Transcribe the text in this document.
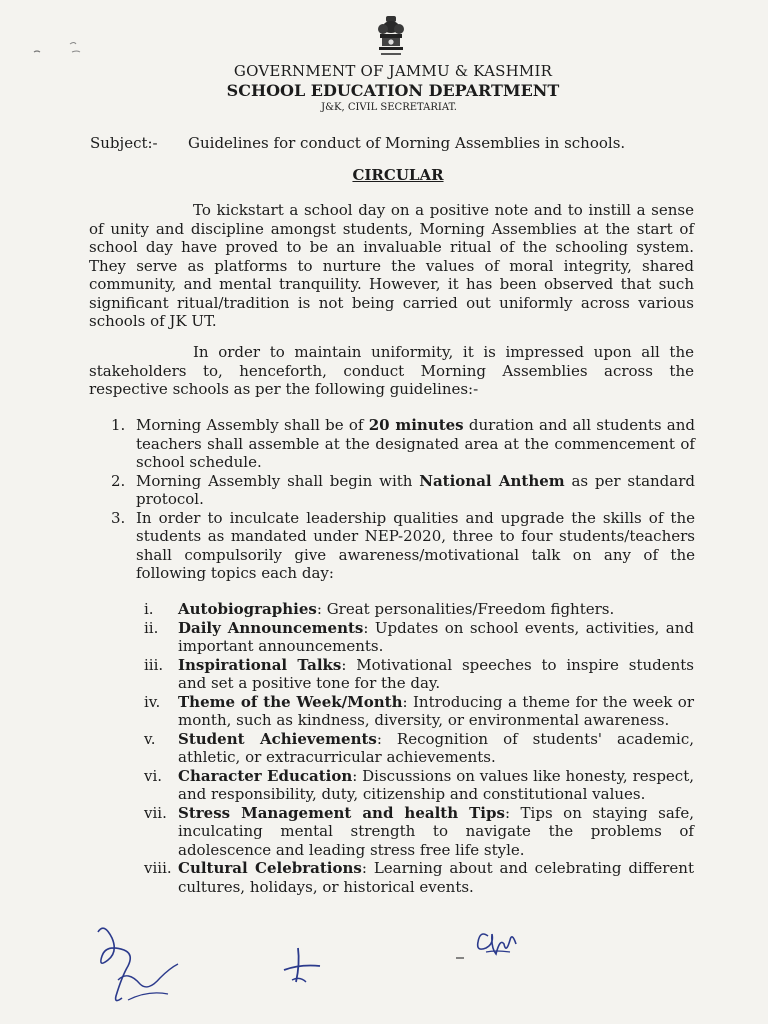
GOVERNMENT OF JAMMU & KASHMIR
SCHOOL EDUCATION DEPARTMENT
J&K, CIVIL SECRETARIAT.
Subject:- Guidelines for conduct of Morning Assemblies in schools.
CIRCULAR
To kickstart a school day on a positive note and to instill a sense of unity and discipline amongst students, Morning Assemblies at the start of school day have proved to be an invaluable ritual of the schooling system. They serve as platforms to nurture the values of moral integrity, shared community, and mental tranquility. However, it has been observed that such significant ritual/tradition is not being carried out uniformly across various schools of JK UT.
In order to maintain uniformity, it is impressed upon all the stakeholders to, henceforth, conduct Morning Assemblies across the respective schools as per the following guidelines:-
1. Morning Assembly shall be of 20 minutes duration and all students and teachers shall assemble at the designated area at the commencement of school schedule.
2. Morning Assembly shall begin with National Anthem as per standard protocol.
3. In order to inculcate leadership qualities and upgrade the skills of the students as mandated under NEP-2020, three to four students/teachers shall compulsorily give awareness/motivational talk on any of the following topics each day:
i. Autobiographies: Great personalities/Freedom fighters.
ii. Daily Announcements: Updates on school events, activities, and important announcements.
iii. Inspirational Talks: Motivational speeches to inspire students and set a positive tone for the day.
iv. Theme of the Week/Month: Introducing a theme for the week or month, such as kindness, diversity, or environmental awareness.
v. Student Achievements: Recognition of students' academic, athletic, or extracurricular achievements.
vi. Character Education: Discussions on values like honesty, respect, and responsibility, duty, citizenship and constitutional values.
vii. Stress Management and health Tips: Tips on staying safe, inculcating mental strength to navigate the problems of adolescence and leading stress free life style.
viii. Cultural Celebrations: Learning about and celebrating different cultures, holidays, or historical events.
